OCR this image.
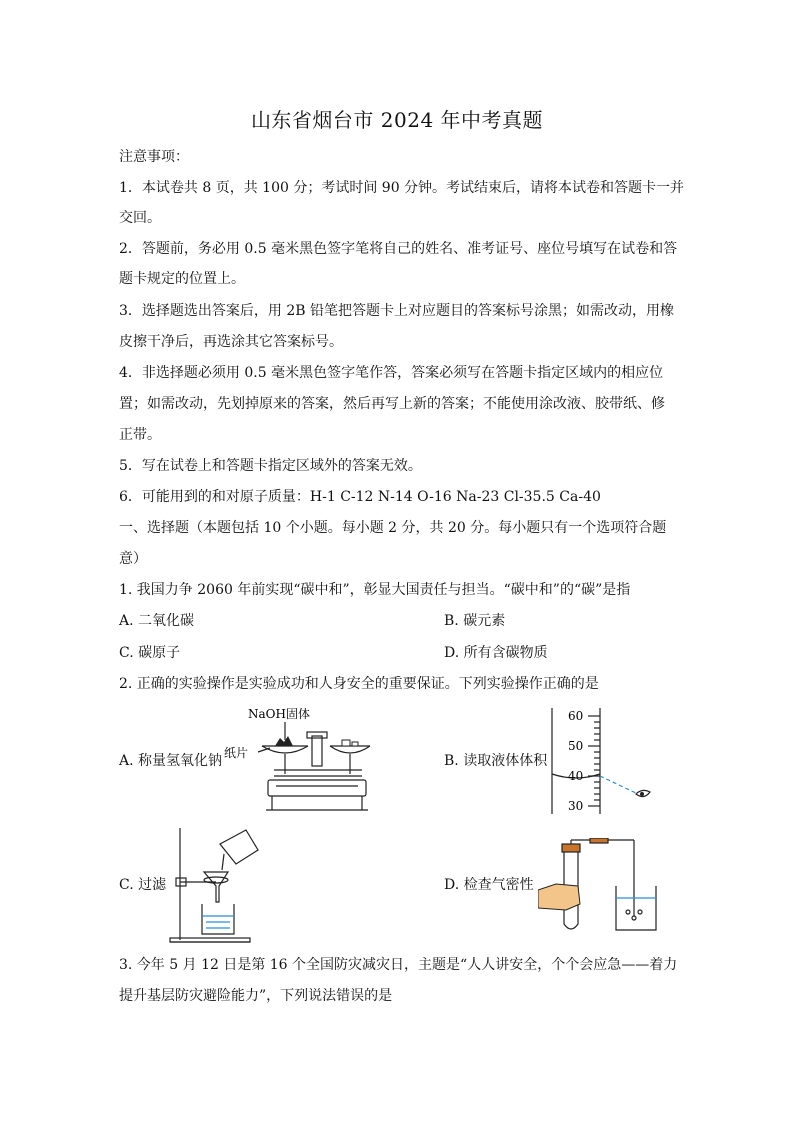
山东省烟台市 2024 年中考真题
注意事项：
1．本试卷共 8 页，共 100 分；考试时间 90 分钟。考试结束后，请将本试卷和答题卡一并
交回。
2．答题前，务必用 0.5 毫米黑色签字笔将自己的姓名、准考证号、座位号填写在试卷和答
题卡规定的位置上。
3．选择题选出答案后，用 2B 铅笔把答题卡上对应题目的答案标号涂黑；如需改动，用橡
皮擦干净后，再选涂其它答案标号。
4．非选择题必须用 0.5 毫米黑色签字笔作答，答案必须写在答题卡指定区域内的相应位
置；如需改动，先划掉原来的答案，然后再写上新的答案；不能使用涂改液、胶带纸、修
正带。
5．写在试卷上和答题卡指定区域外的答案无效。
6．可能用到的和对原子质量：H-1 C-12 N-14 O-16 Na-23 Cl-35.5 Ca-40
一、选择题（本题包括 10 个小题。每小题 2 分，共 20 分。每小题只有一个选项符合题
意）
1. 我国力争 2060 年前实现“碳中和”，彰显大国责任与担当。“碳中和”的“碳”是指
A. 二氧化碳	B. 碳元素
C. 碳原子	D. 所有含碳物质
2. 正确的实验操作是实验成功和人身安全的重要保证。下列实验操作正确的是
A. 称量氢氧化钠	B. 读取液体体积
C. 过滤	D. 检查气密性
NaOH固体
纸片
60
50
40
30
3. 今年 5 月 12 日是第 16 个全国防灾减灾日，主题是“人人讲安全，个个会应急——着力
提升基层防灾避险能力”，下列说法错误的是
